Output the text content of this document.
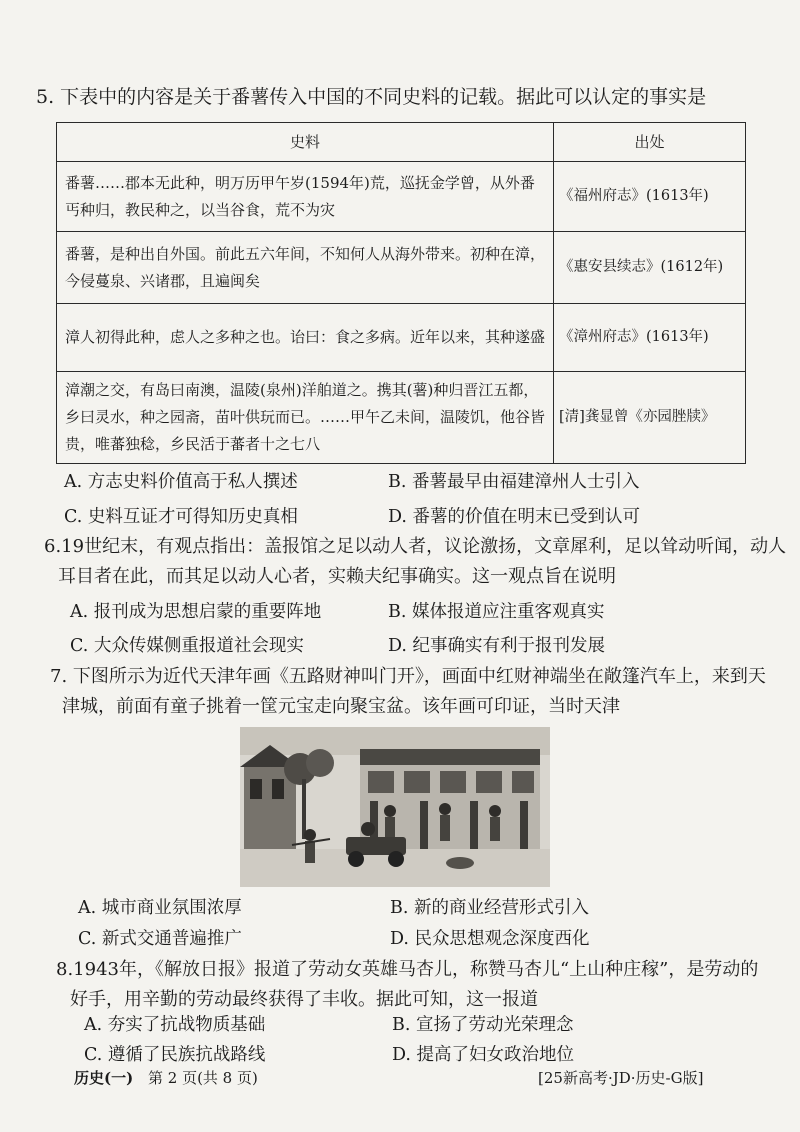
5. 下表中的内容是关于番薯传入中国的不同史料的记载。据此可以认定的事实是
史料	出处
番薯……郡本无此种，明万历甲午岁(1594年)荒，巡抚金学曾，从外番丐种归，教民种之，以当谷食，荒不为灾	《福州府志》(1613年)
番薯，是种出自外国。前此五六年间，不知何人从海外带来。初种在漳，今侵蔓泉、兴诸郡，且遍闽矣	《惠安县续志》(1612年)
漳人初得此种，虑人之多种之也。诒曰：食之多病。近年以来，其种遂盛	《漳州府志》(1613年)
漳潮之交，有岛曰南澳，温陵(泉州)洋舶道之。携其(薯)种归晋江五都，乡曰灵水，种之园斋，苗叶供玩而已。……甲午乙未间，温陵饥，他谷皆贵，唯蕃独稔，乡民活于蕃者十之七八	[清]龚显曾《亦园脞牍》
A. 方志史料价值高于私人撰述	B. 番薯最早由福建漳州人士引入
C. 史料互证才可得知历史真相	D. 番薯的价值在明末已受到认可
6.19世纪末，有观点指出：盖报馆之足以动人者，议论激扬，文章犀利，足以耸动听闻，动人耳目者在此，而其足以动人心者，实赖夫纪事确实。这一观点旨在说明
A. 报刊成为思想启蒙的重要阵地	B. 媒体报道应注重客观真实
C. 大众传媒侧重报道社会现实	D. 纪事确实有利于报刊发展
7. 下图所示为近代天津年画《五路财神叫门开》，画面中红财神端坐在敞篷汽车上，来到天津城，前面有童子挑着一筐元宝走向聚宝盆。该年画可印证，当时天津
A. 城市商业氛围浓厚	B. 新的商业经营形式引入
C. 新式交通普遍推广	D. 民众思想观念深度西化
8.1943年，《解放日报》报道了劳动女英雄马杏儿，称赞马杏儿“上山种庄稼”，是劳动的好手，用辛勤的劳动最终获得了丰收。据此可知，这一报道
A. 夯实了抗战物质基础	B. 宣扬了劳动光荣理念
C. 遵循了民族抗战路线	D. 提高了妇女政治地位
历史(一) 第 2 页(共 8 页)	[25新高考·JD·历史-G版]
